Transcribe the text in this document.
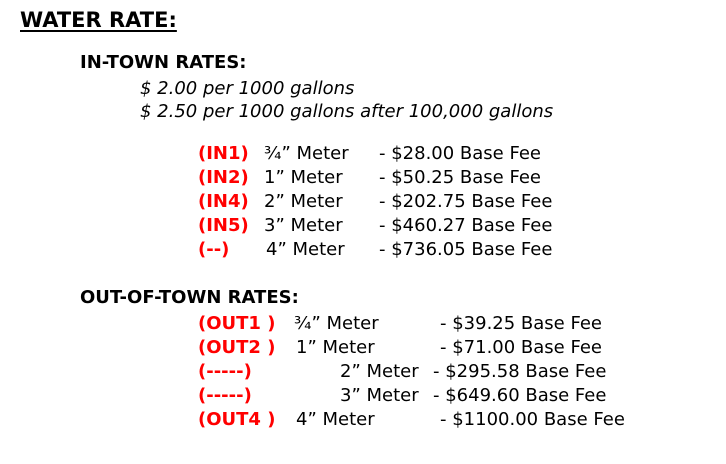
WATER RATE:
IN-TOWN RATES:
$ 2.00 per 1000 gallons
$ 2.50 per 1000 gallons after 100,000 gallons
(IN1) ¾” Meter - $28.00 Base Fee
(IN2) 1” Meter - $50.25 Base Fee
(IN4) 2” Meter - $202.75 Base Fee
(IN5) 3” Meter - $460.27 Base Fee
(--) 4” Meter - $736.05 Base Fee
OUT-OF-TOWN RATES:
(OUT1 ) ¾” Meter	- $39.25 Base Fee
(OUT2 ) 1” Meter	- $71.00 Base Fee
(-----)	2” Meter - $295.58 Base Fee
(-----)	3” Meter - $649.60 Base Fee
(OUT4 ) 4” Meter	- $1100.00 Base Fee
